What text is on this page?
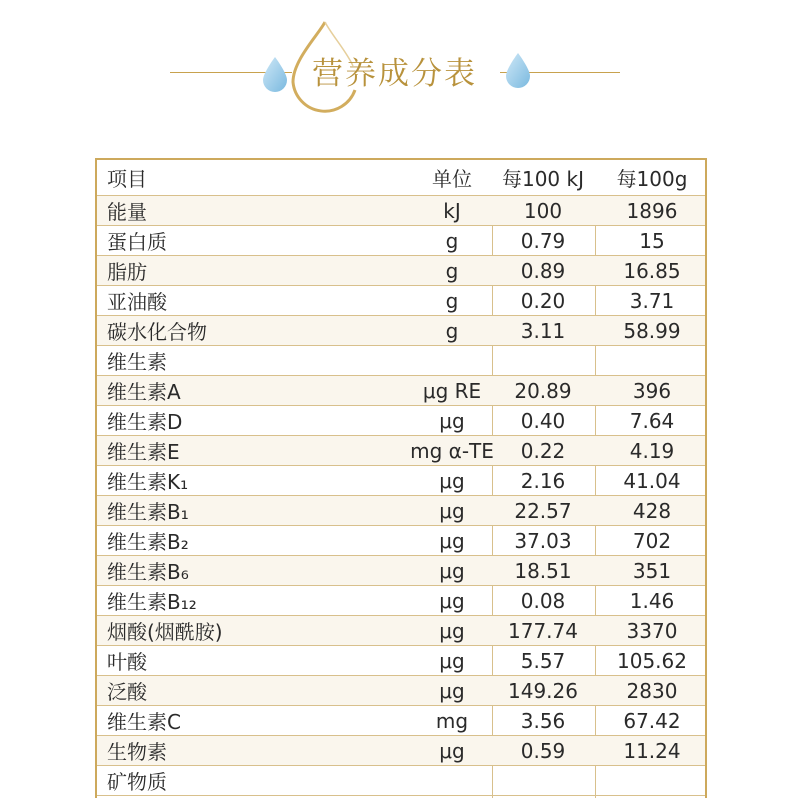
营养成分表
项目	单位	每100 kJ	每100g
能量	kJ	100	1896
蛋白质	g	0.79	15
脂肪	g	0.89	16.85
亚油酸	g	0.20	3.71
碳水化合物	g	3.11	58.99
维生素
维生素A	μg RE	20.89	396
维生素D	μg	0.40	7.64
维生素E	mg α-TE	0.22	4.19
维生素K₁	μg	2.16	41.04
维生素B₁	μg	22.57	428
维生素B₂	μg	37.03	702
维生素B₆	μg	18.51	351
维生素B₁₂	μg	0.08	1.46
烟酸(烟酰胺)	μg	177.74	3370
叶酸	μg	5.57	105.62
泛酸	μg	149.26	2830
维生素C	mg	3.56	67.42
生物素	μg	0.59	11.24
矿物质
